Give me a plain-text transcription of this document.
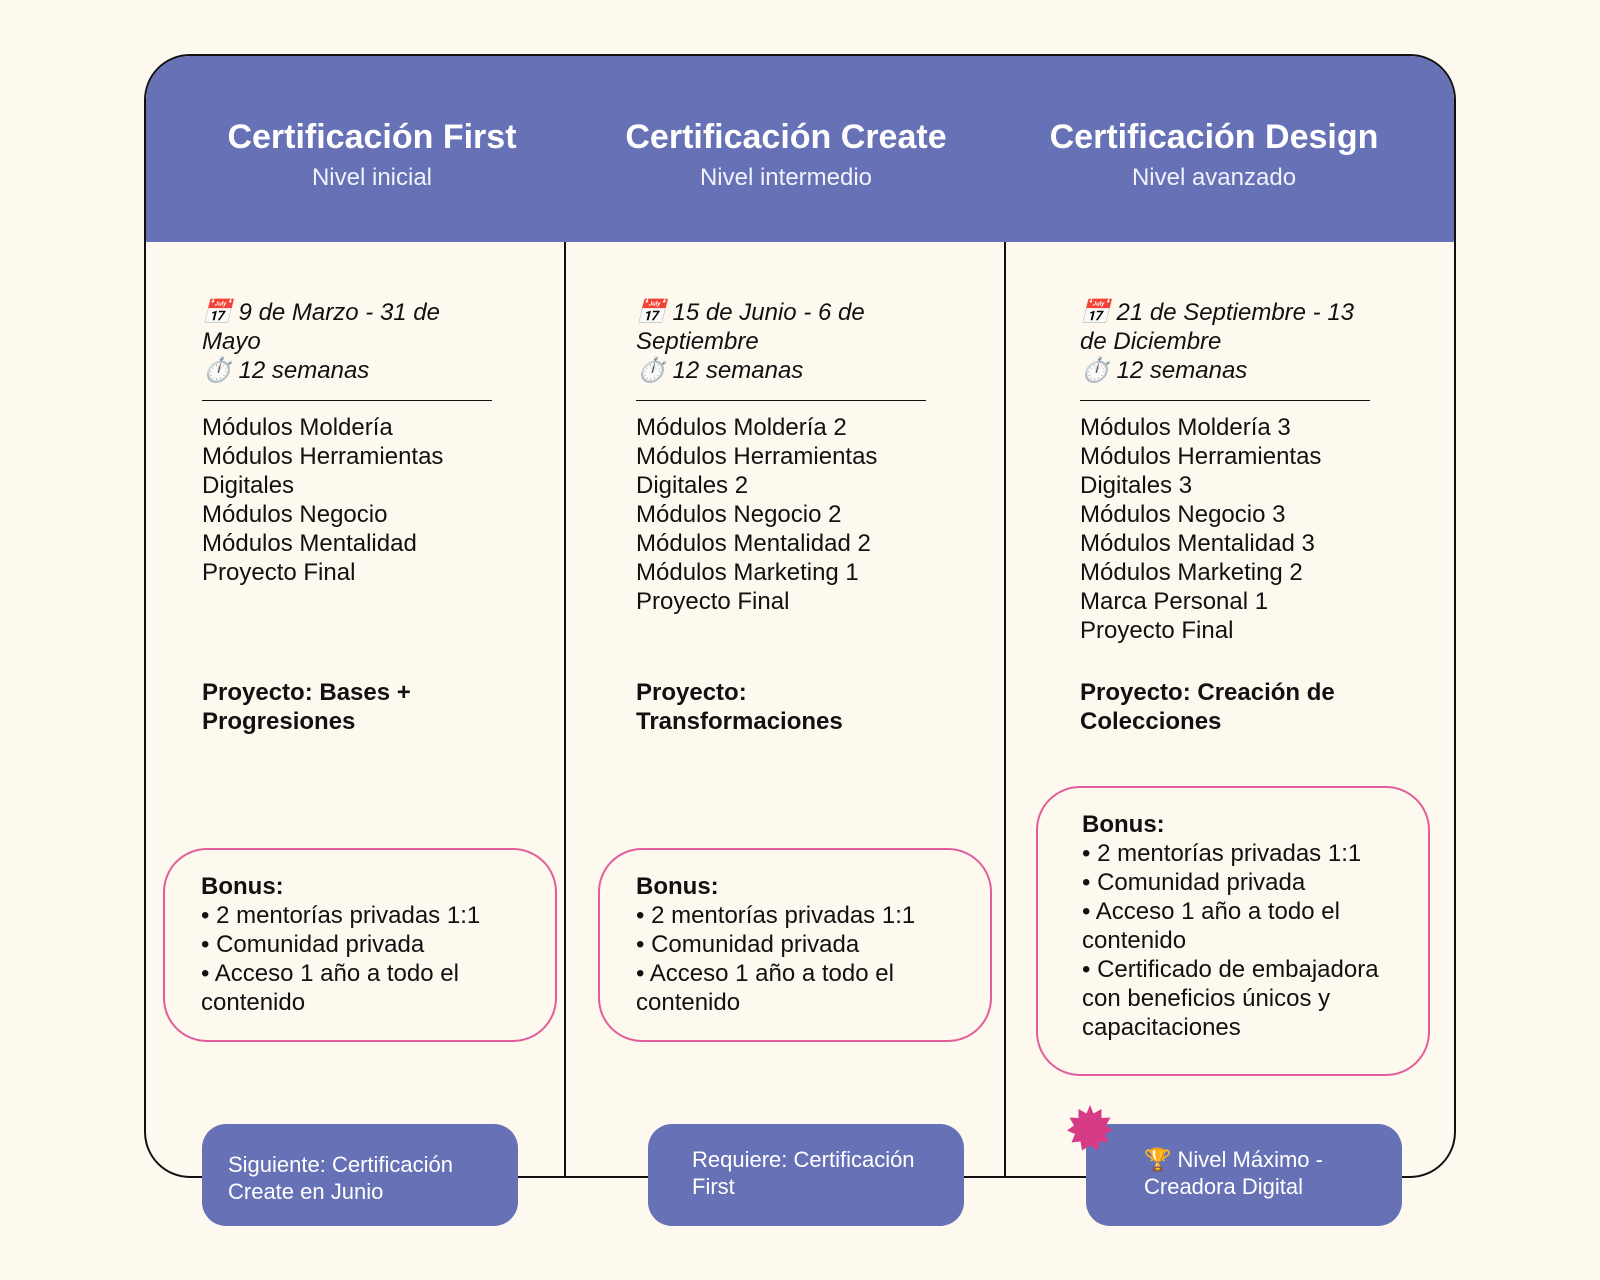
Certificación First
Nivel inicial
Certificación Create
Nivel intermedio
Certificación Design
Nivel avanzado
📅 9 de Marzo - 31 de Mayo
⏱️ 12 semanas
Módulos Moldería
Módulos Herramientas Digitales
Módulos Negocio
Módulos Mentalidad
Proyecto Final
Proyecto: Bases + Progresiones
Bonus:
• 2 mentorías privadas 1:1
• Comunidad privada
• Acceso 1 año a todo el contenido
📅 15 de Junio - 6 de Septiembre
⏱️ 12 semanas
Módulos Moldería 2
Módulos Herramientas Digitales 2
Módulos Negocio 2
Módulos Mentalidad 2
Módulos Marketing 1
Proyecto Final
Proyecto: Transformaciones
Bonus:
• 2 mentorías privadas 1:1
• Comunidad privada
• Acceso 1 año a todo el contenido
📅 21 de Septiembre - 13 de Diciembre
⏱️ 12 semanas
Módulos Moldería 3
Módulos Herramientas Digitales 3
Módulos Negocio 3
Módulos Mentalidad 3
Módulos Marketing 2
Marca Personal 1
Proyecto Final
Proyecto: Creación de Colecciones
Bonus:
• 2 mentorías privadas 1:1
• Comunidad privada
• Acceso 1 año a todo el contenido
• Certificado de embajadora con beneficios únicos y capacitaciones
Siguiente: Certificación Create en Junio
Requiere: Certificación First
🏆 Nivel Máximo - Creadora Digital
